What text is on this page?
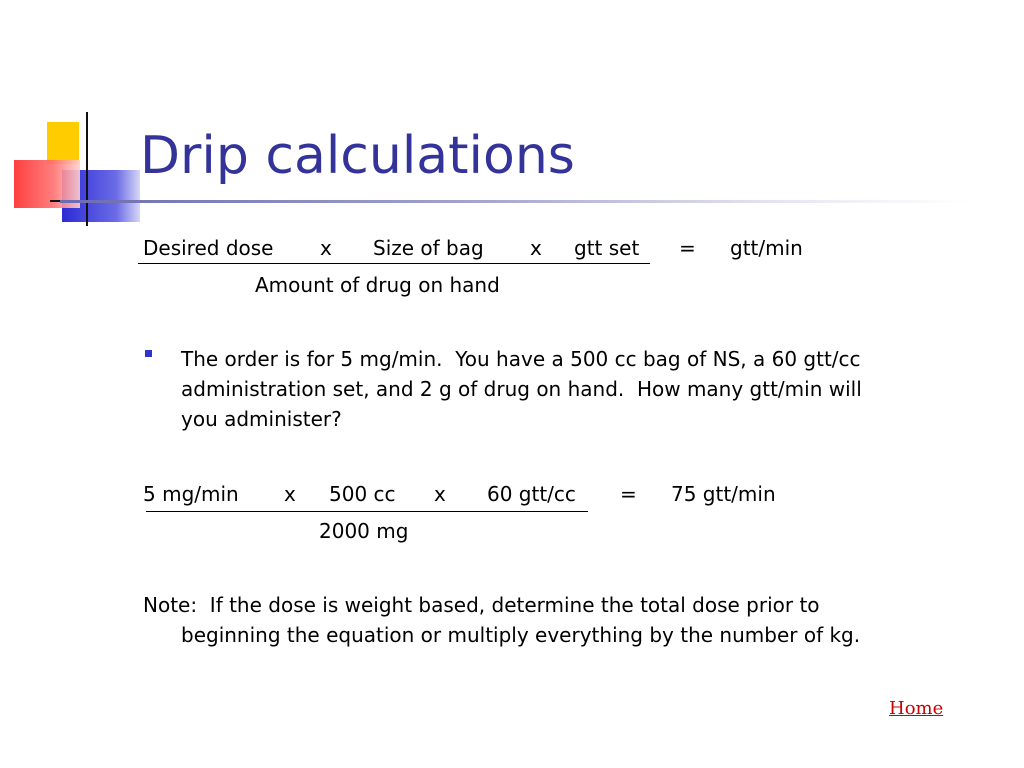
Drip calculations
Desired dose x Size of bag x gtt set = gtt/min
Amount of drug on hand
The order is for 5 mg/min.  You have a 500 cc bag of NS, a 60 gtt/cc
administration set, and 2 g of drug on hand.  How many gtt/min will
you administer?
5 mg/min x 500 cc x 60 gtt/cc = 75 gtt/min
2000 mg
Note:  If the dose is weight based, determine the total dose prior to
beginning the equation or multiply everything by the number of kg.
Home
